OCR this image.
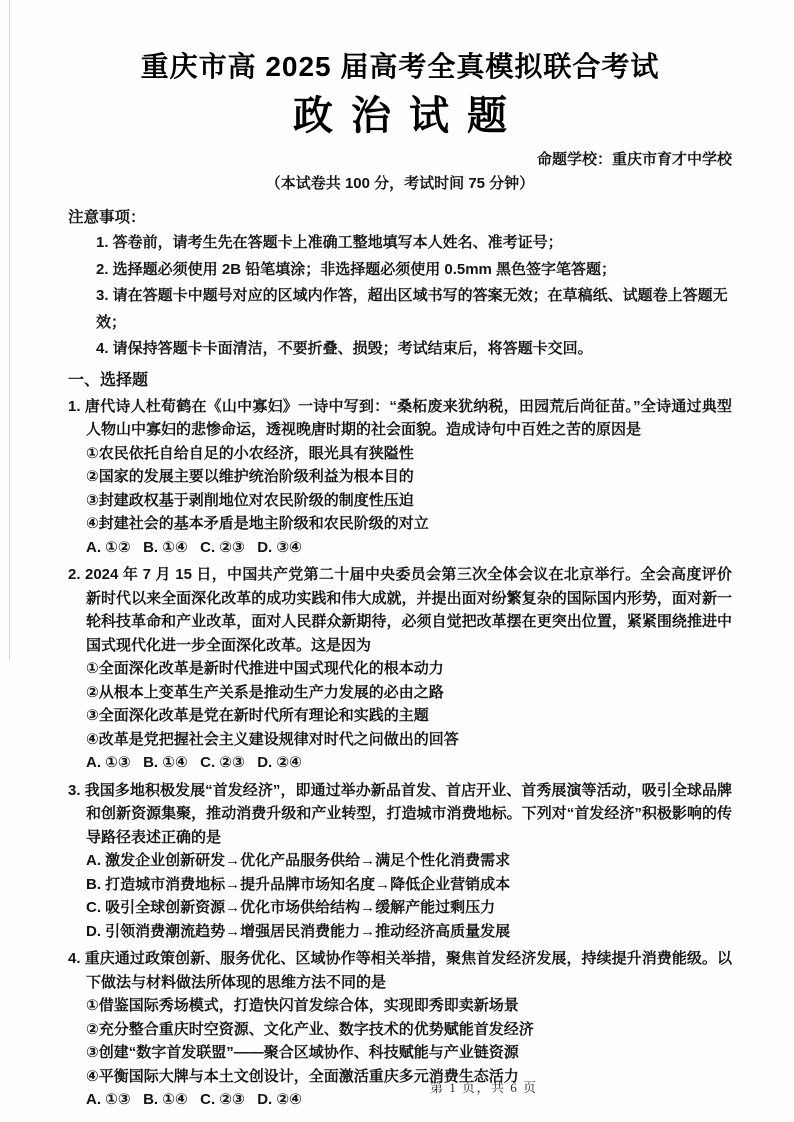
重庆市高 2025 届高考全真模拟联合考试
政治试题
命题学校：重庆市育才中学校
（本试卷共 100 分，考试时间 75 分钟）
注意事项：
1. 答卷前，请考生先在答题卡上准确工整地填写本人姓名、准考证号；
2. 选择题必须使用 2B 铅笔填涂；非选择题必须使用 0.5mm 黑色签字笔答题；
3. 请在答题卡中题号对应的区域内作答，超出区域书写的答案无效；在草稿纸、试题卷上答题无效；
4. 请保持答题卡卡面清洁，不要折叠、损毁；考试结束后，将答题卡交回。
一、选择题
1. 唐代诗人杜荀鹤在《山中寡妇》一诗中写到：“桑柘废来犹纳税，田园荒后尚征苗。”全诗通过典型人物山中寡妇的悲惨命运，透视晚唐时期的社会面貌。造成诗句中百姓之苦的原因是
①农民依托自给自足的小农经济，眼光具有狭隘性
②国家的发展主要以维护统治阶级利益为根本目的
③封建政权基于剥削地位对农民阶级的制度性压迫
④封建社会的基本矛盾是地主阶级和农民阶级的对立
A. ①②   B. ①④   C. ②③   D. ③④
2. 2024 年 7 月 15 日，中国共产党第二十届中央委员会第三次全体会议在北京举行。全会高度评价新时代以来全面深化改革的成功实践和伟大成就，并提出面对纷繁复杂的国际国内形势，面对新一轮科技革命和产业改革，面对人民群众新期待，必须自觉把改革摆在更突出位置，紧紧围绕推进中国式现代化进一步全面深化改革。这是因为
①全面深化改革是新时代推进中国式现代化的根本动力
②从根本上变革生产关系是推动生产力发展的必由之路
③全面深化改革是党在新时代所有理论和实践的主题
④改革是党把握社会主义建设规律对时代之问做出的回答
A. ①③   B. ①④   C. ②③   D. ②④
3. 我国多地积极发展“首发经济”，即通过举办新品首发、首店开业、首秀展演等活动，吸引全球品牌和创新资源集聚，推动消费升级和产业转型，打造城市消费地标。下列对“首发经济”积极影响的传导路径表述正确的是
A. 激发企业创新研发→优化产品服务供给→满足个性化消费需求
B. 打造城市消费地标→提升品牌市场知名度→降低企业营销成本
C. 吸引全球创新资源→优化市场供给结构→缓解产能过剩压力
D. 引领消费潮流趋势→增强居民消费能力→推动经济高质量发展
4. 重庆通过政策创新、服务优化、区域协作等相关举措，聚焦首发经济发展，持续提升消费能级。以下做法与材料做法所体现的思维方法不同的是
①借鉴国际秀场模式，打造快闪首发综合体，实现即秀即卖新场景
②充分整合重庆时空资源、文化产业、数字技术的优势赋能首发经济
③创建“数字首发联盟”——聚合区域协作、科技赋能与产业链资源
④平衡国际大牌与本土文创设计，全面激活重庆多元消费生态活力
A. ①③   B. ①④   C. ②③   D. ②④
第 1 页，共 6 页
